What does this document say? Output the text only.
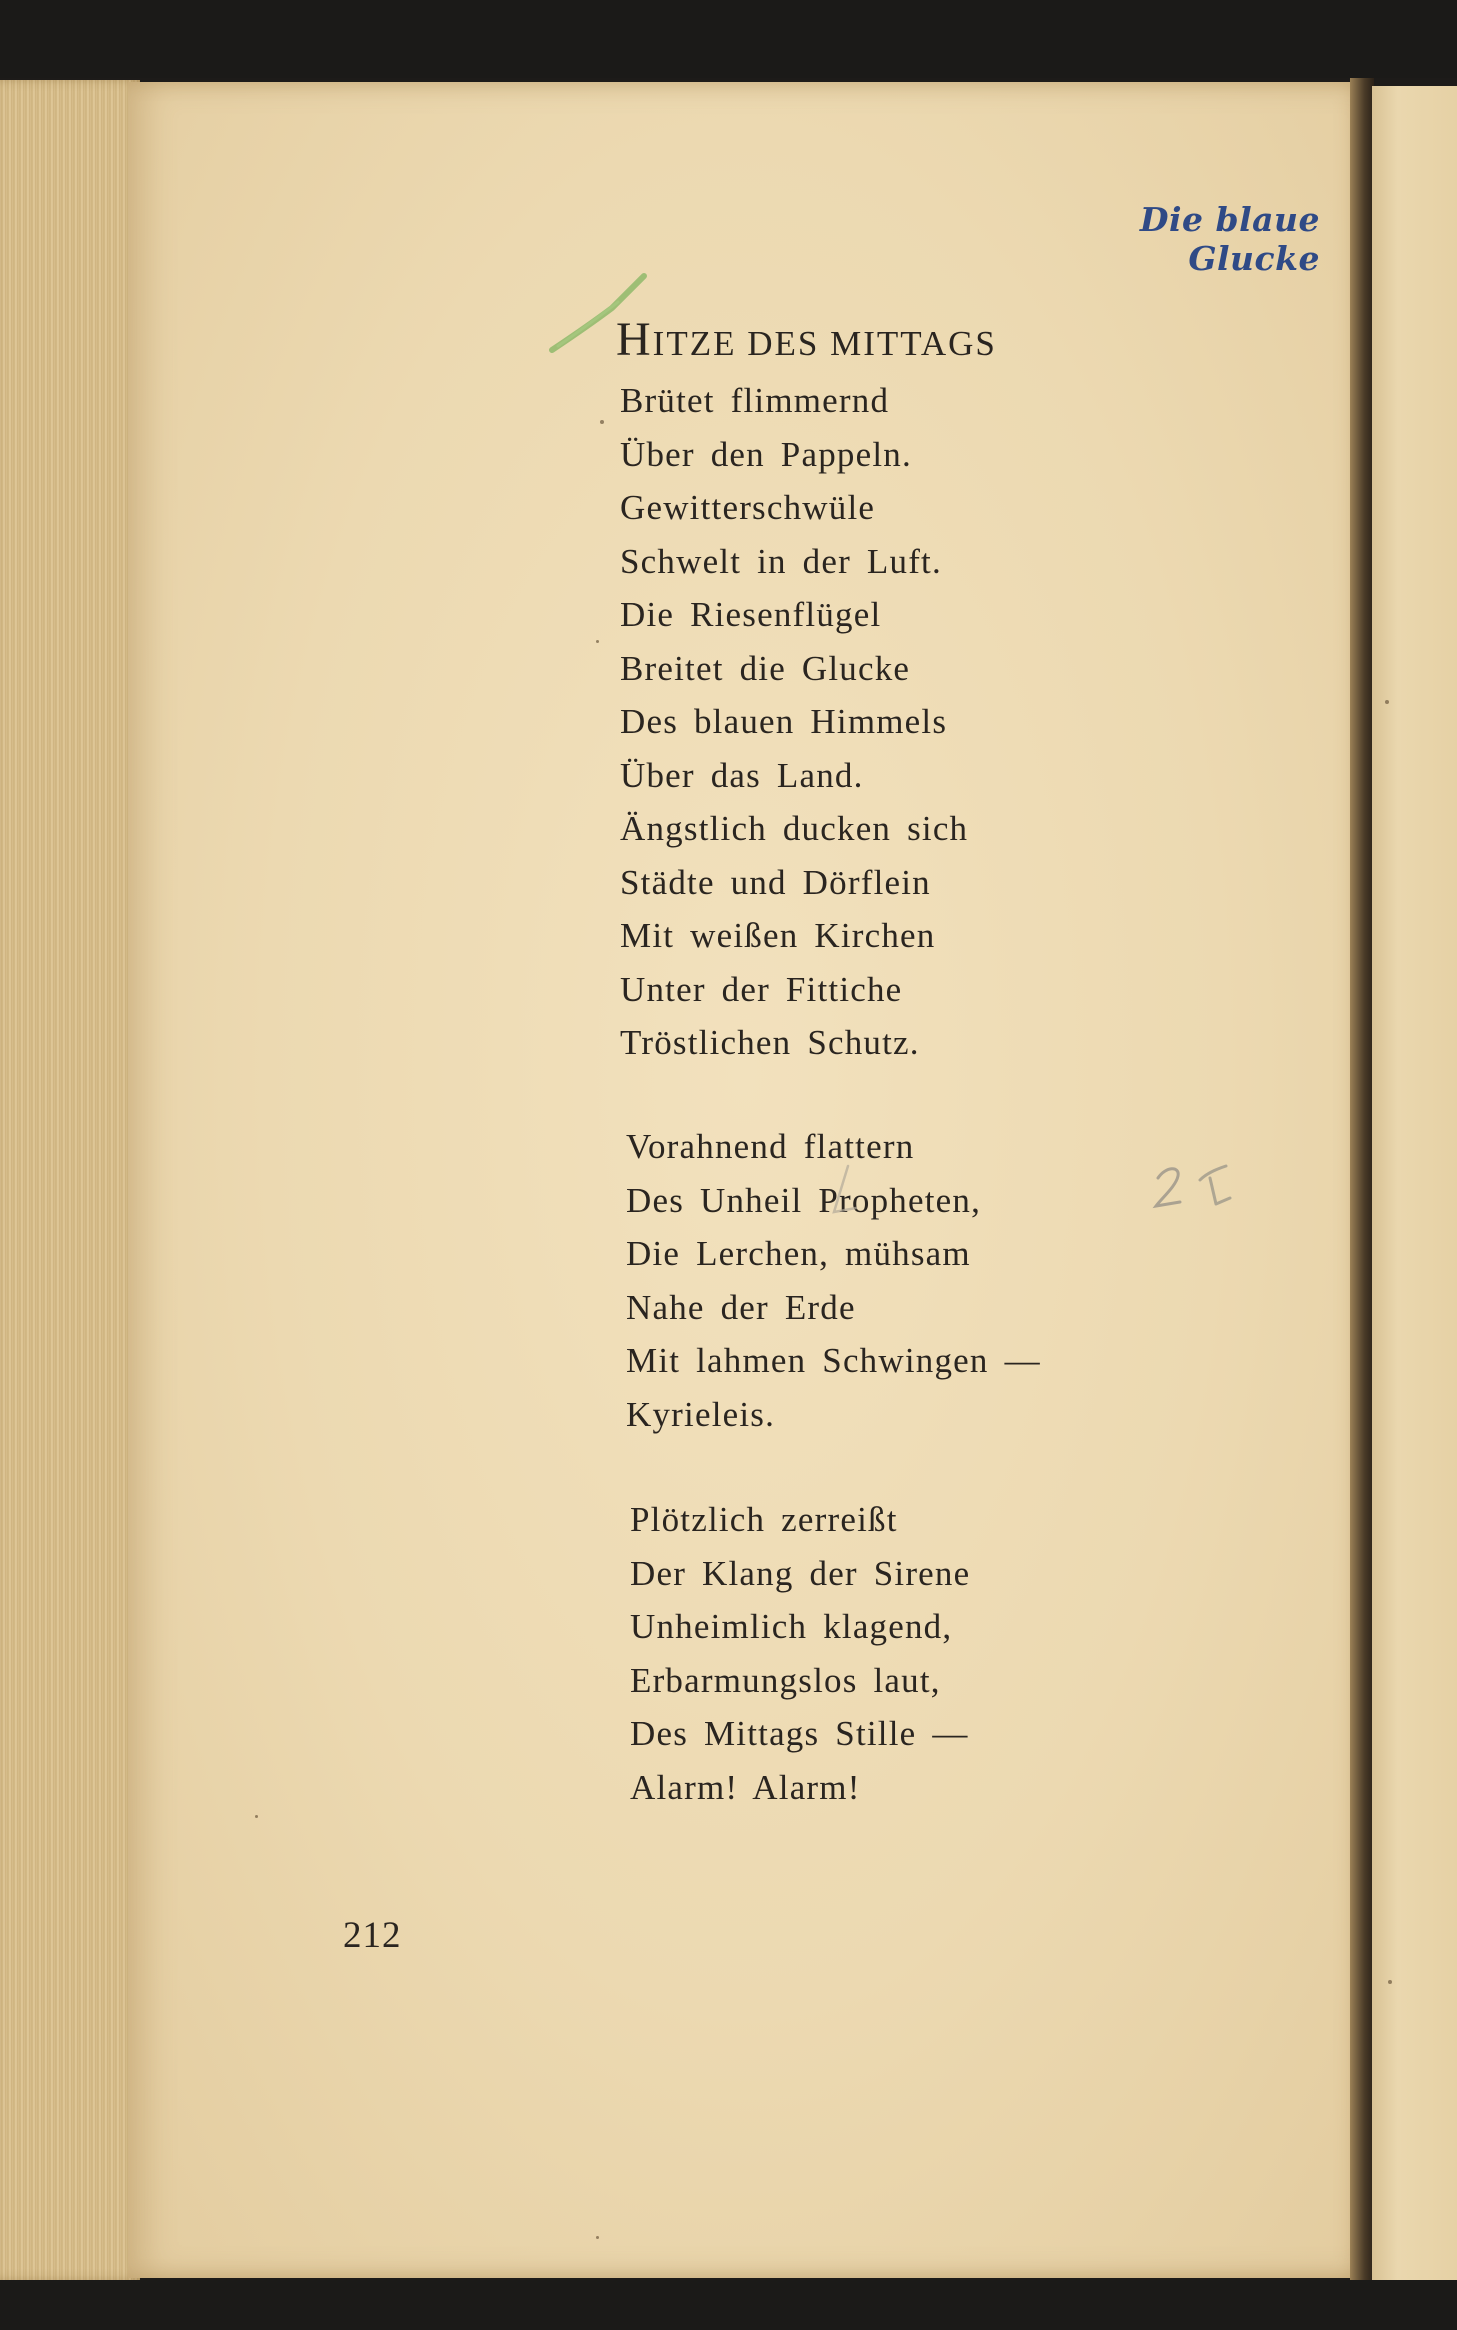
Die blaue Glucke
HITZE DES MITTAGS
Brütet flimmernd
Über den Pappeln.
Gewitterschwüle
Schwelt in der Luft.
Die Riesenflügel
Breitet die Glucke
Des blauen Himmels
Über das Land.
Ängstlich ducken sich
Städte und Dörflein
Mit weißen Kirchen
Unter der Fittiche
Tröstlichen Schutz.
Vorahnend flattern
Des Unheil Propheten,
Die Lerchen, mühsam
Nahe der Erde
Mit lahmen Schwingen —
Kyrieleis.
Plötzlich zerreißt
Der Klang der Sirene
Unheimlich klagend,
Erbarmungslos laut,
Des Mittags Stille —
Alarm! Alarm!
212
